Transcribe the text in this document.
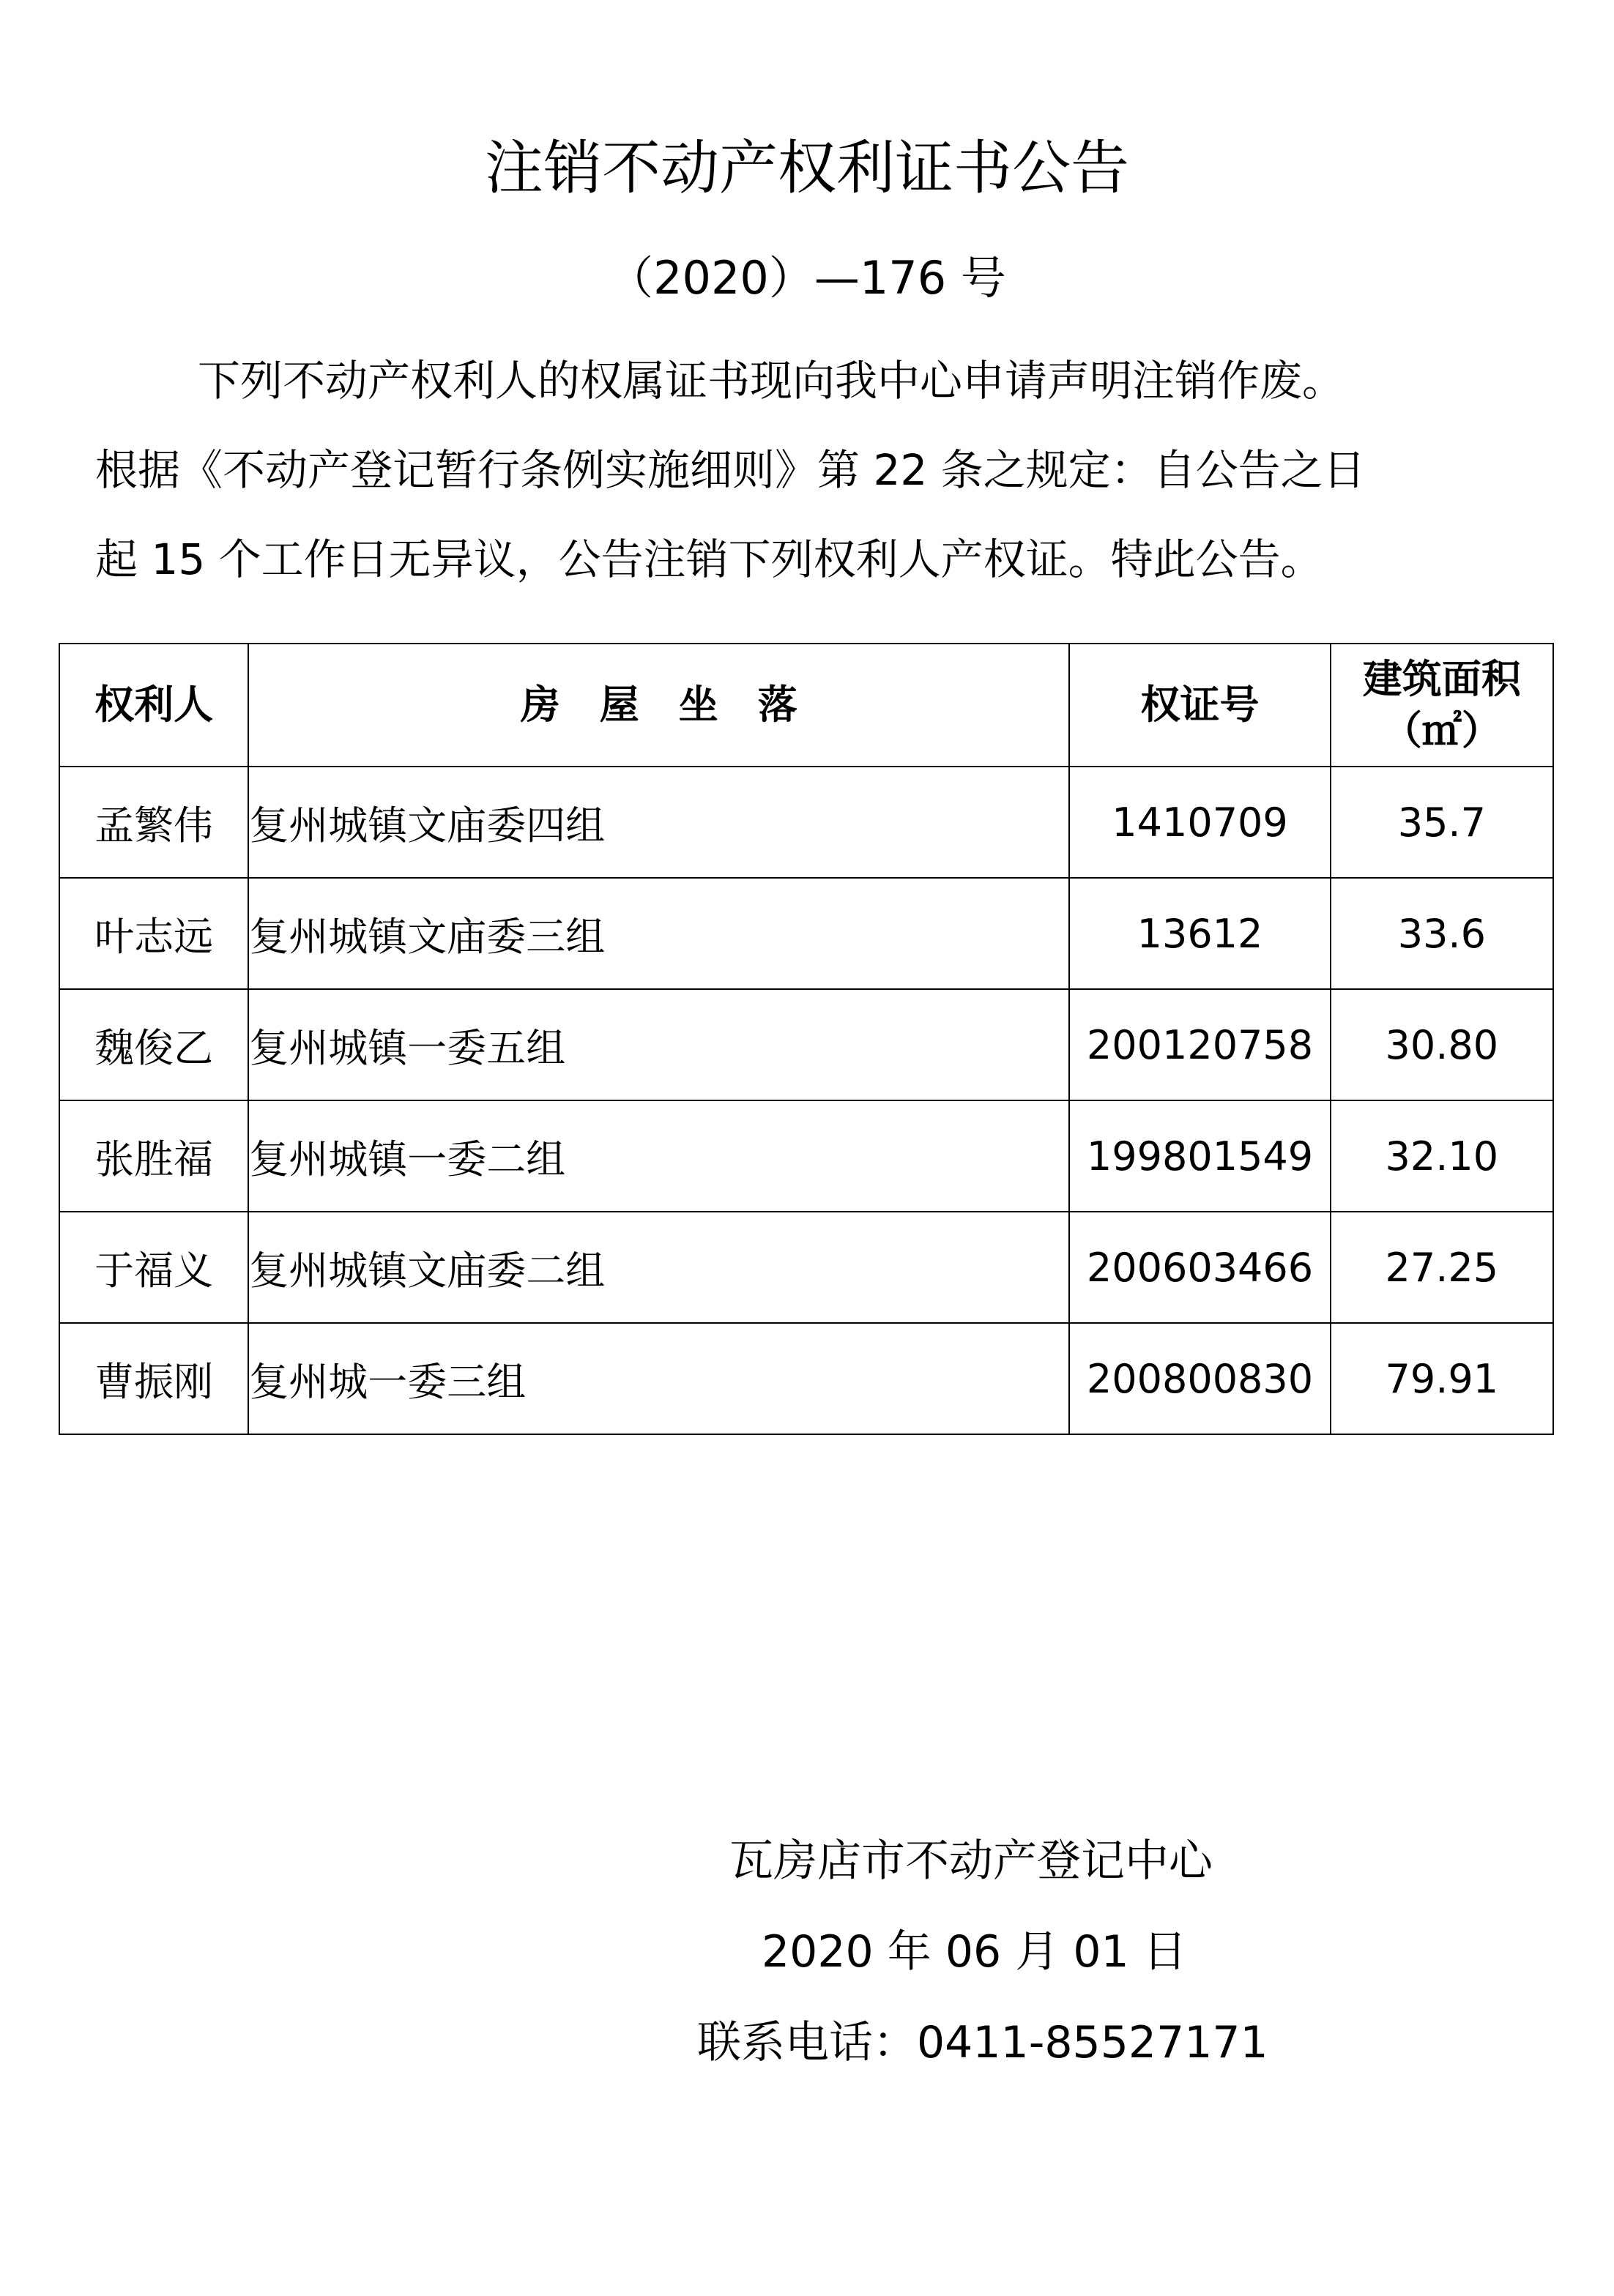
注销不动产权利证书公告
（2020）—176 号
下列不动产权利人的权属证书现向我中心申请声明注销作废。
根据《不动产登记暂行条例实施细则》第 22 条之规定：自公告之日
起 15 个工作日无异议，公告注销下列权利人产权证。特此公告。
权利人	房　屋　坐　落	权证号	建筑面积
（㎡）

孟繁伟	复州城镇文庙委四组	1410709	35.7
叶志远	复州城镇文庙委三组	13612	33.6
魏俊乙	复州城镇一委五组	200120758	30.80
张胜福	复州城镇一委二组	199801549	32.10
于福义	复州城镇文庙委二组	200603466	27.25
曹振刚	复州城一委三组	200800830	79.91
瓦房店市不动产登记中心
2020 年 06 月 01 日
联系电话：0411-85527171
